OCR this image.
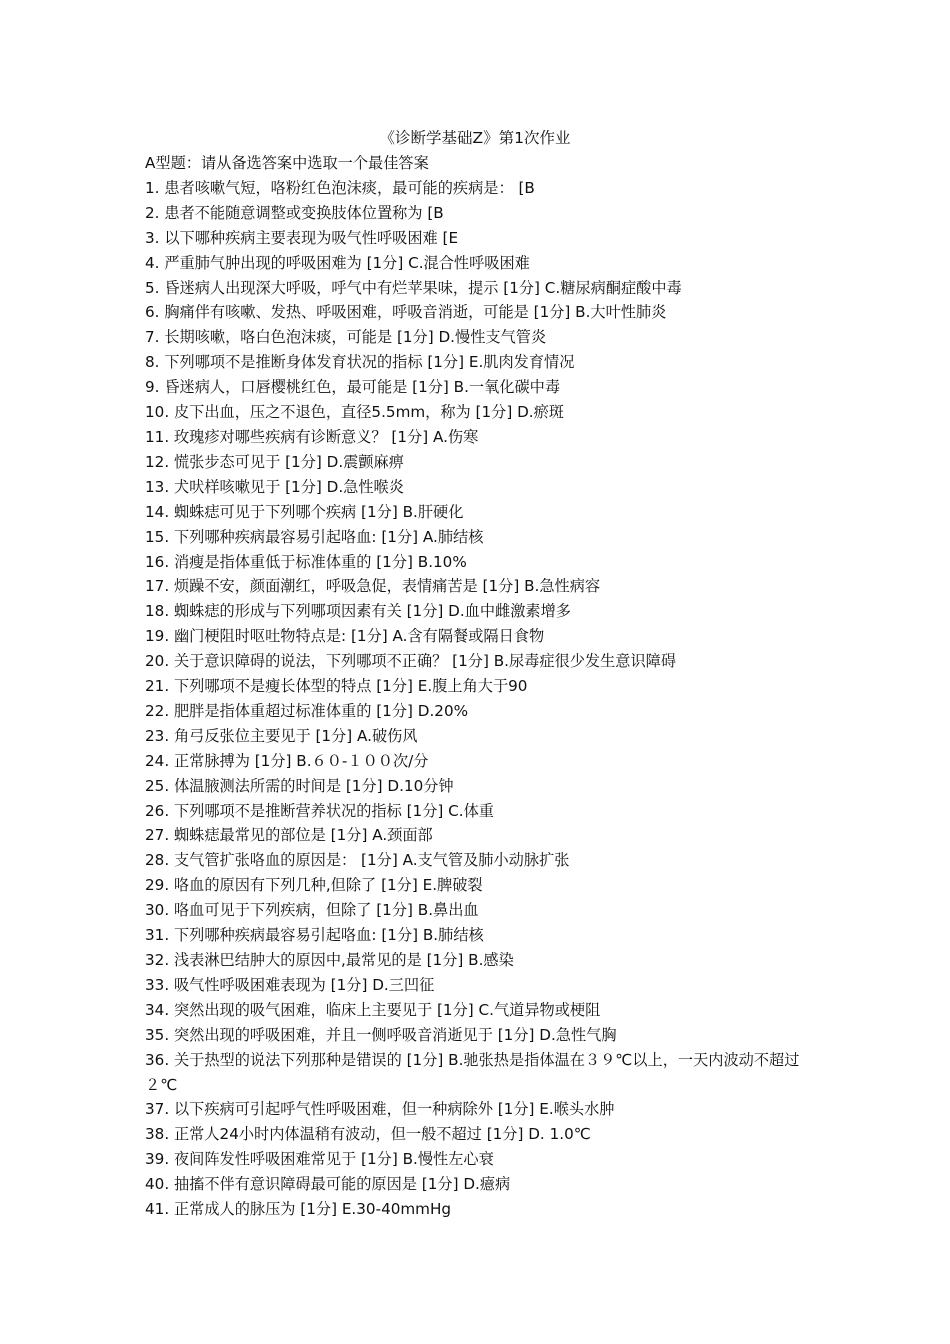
《诊断学基础Z》第1次作业
A型题：请从备选答案中选取一个最佳答案
1. 患者咳嗽气短，咯粉红色泡沫痰，最可能的疾病是： [B
2. 患者不能随意调整或变换肢体位置称为 [B
3. 以下哪种疾病主要表现为吸气性呼吸困难 [E
4. 严重肺气肿出现的呼吸困难为 [1分] C.混合性呼吸困难
5. 昏迷病人出现深大呼吸，呼气中有烂苹果味，提示 [1分] C.糖尿病酮症酸中毒
6. 胸痛伴有咳嗽、发热、呼吸困难，呼吸音消逝，可能是 [1分] B.大叶性肺炎
7. 长期咳嗽，咯白色泡沫痰，可能是 [1分] D.慢性支气管炎
8. 下列哪项不是推断身体发育状况的指标 [1分] E.肌肉发育情况
9. 昏迷病人，口唇樱桃红色，最可能是 [1分] B.一氧化碳中毒
10. 皮下出血，压之不退色，直径5.5mm，称为 [1分] D.瘀斑
11. 玫瑰疹对哪些疾病有诊断意义？ [1分] A.伤寒
12. 慌张步态可见于 [1分] D.震颤麻痹
13. 犬吠样咳嗽见于 [1分] D.急性喉炎
14. 蜘蛛痣可见于下列哪个疾病 [1分] B.肝硬化
15. 下列哪种疾病最容易引起咯血: [1分] A.肺结核
16. 消瘦是指体重低于标准体重的 [1分] B.10%
17. 烦躁不安，颜面潮红，呼吸急促，表情痛苦是 [1分] B.急性病容
18. 蜘蛛痣的形成与下列哪项因素有关 [1分] D.血中雌激素增多
19. 幽门梗阻时呕吐物特点是: [1分] A.含有隔餐或隔日食物
20. 关于意识障碍的说法，下列哪项不正确？ [1分] B.尿毒症很少发生意识障碍
21. 下列哪项不是瘦长体型的特点 [1分] E.腹上角大于90
22. 肥胖是指体重超过标准体重的 [1分] D.20%
23. 角弓反张位主要见于 [1分] A.破伤风
24. 正常脉搏为 [1分] B.６０-１００次/分
25. 体温腋测法所需的时间是 [1分] D.10分钟
26. 下列哪项不是推断营养状况的指标 [1分] C.体重
27. 蜘蛛痣最常见的部位是 [1分] A.颈面部
28. 支气管扩张咯血的原因是： [1分] A.支气管及肺小动脉扩张
29. 咯血的原因有下列几种,但除了 [1分] E.脾破裂
30. 咯血可见于下列疾病，但除了 [1分] B.鼻出血
31. 下列哪种疾病最容易引起咯血: [1分] B.肺结核
32. 浅表淋巴结肿大的原因中,最常见的是 [1分] B.感染
33. 吸气性呼吸困难表现为 [1分] D.三凹征
34. 突然出现的吸气困难，临床上主要见于 [1分] C.气道异物或梗阻
35. 突然出现的呼吸困难，并且一侧呼吸音消逝见于 [1分] D.急性气胸
36. 关于热型的说法下列那种是错误的 [1分] B.驰张热是指体温在３９℃以上，一天内波动不超过２℃
37. 以下疾病可引起呼气性呼吸困难，但一种病除外 [1分] E.喉头水肿
38. 正常人24小时内体温稍有波动，但一般不超过 [1分] D. 1.0℃
39. 夜间阵发性呼吸困难常见于 [1分] B.慢性左心衰
40. 抽搐不伴有意识障碍最可能的原因是 [1分] D.癔病
41. 正常成人的脉压为 [1分] E.30-40mmHg
